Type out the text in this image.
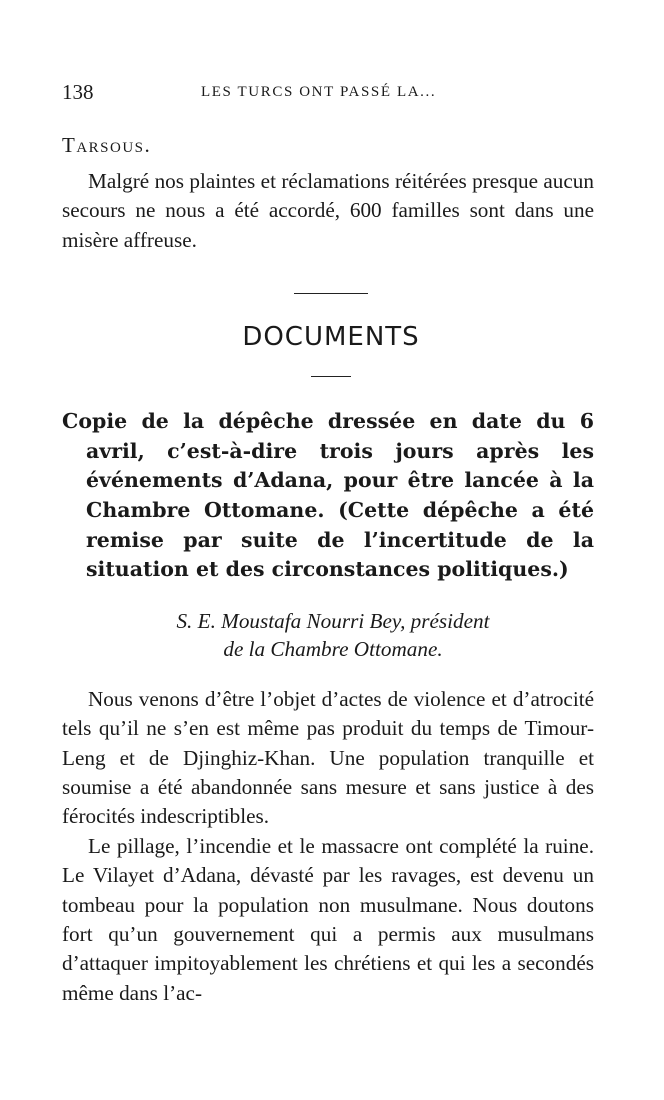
138	LES TURCS ONT PASSÉ LA...
Tarsous.

Malgré nos plaintes et réclamations réitérées presque aucun secours ne nous a été accordé, 600 familles sont dans une misère affreuse.

DOCUMENTS
Copie de la dépêche dressée en date du 6 avril, c’est-à-dire trois jours après les événements d’Adana, pour être lancée à la Chambre Ottomane. (Cette dépêche a été remise par suite de l’incertitude de la situation et des circonstances politiques.)
S. E. Moustafa Nourri Bey, président
de la Chambre Ottomane.

Nous venons d’être l’objet d’actes de violence et d’atrocité tels qu’il ne s’en est même pas produit du temps de Timour-Leng et de Djinghiz-Khan. Une population tranquille et soumise a été abandonnée sans mesure et sans justice à des férocités indescriptibles.

Le pillage, l’incendie et le massacre ont complété la ruine. Le Vilayet d’Adana, dévasté par les ravages, est devenu un tombeau pour la population non musulmane. Nous doutons fort qu’un gouvernement qui a permis aux musulmans d’attaquer impitoyablement les chrétiens et qui les a secondés même dans l’ac-
